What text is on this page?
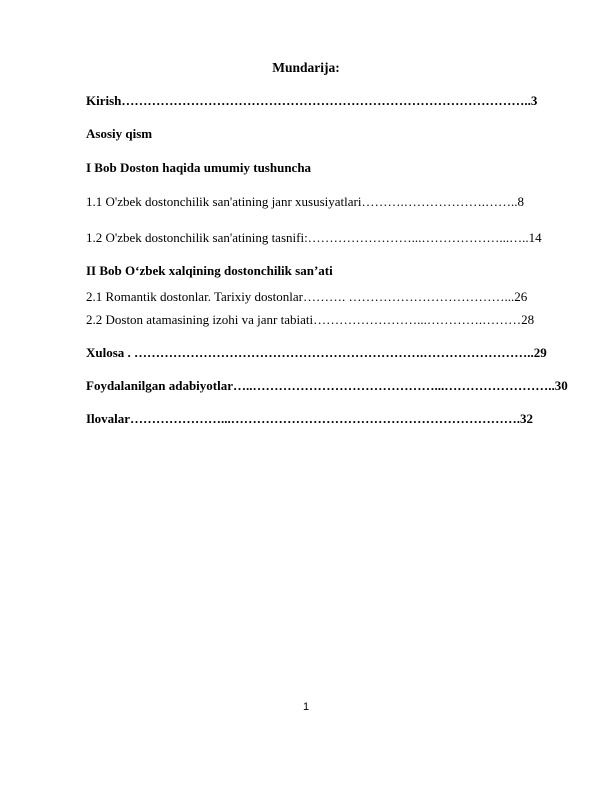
Mundarija:
Kirish…………………………………………………………………………………..3
Asosiy qism
I Bob Doston haqida umumiy tushuncha
1.1 O'zbek dostonchilik san'atining janr xususiyatlari……….……………….……..8
1.2 O'zbek dostonchilik san'atining tasnifi:……………………...………………...…..14
II Bob O‘zbek xalqining dostonchilik san’ati
2.1 Romantik dostonlar. Tarixiy dostonlar………. ………………………………...26
2.2 Doston atamasining izohi va janr tabiati……………………...………….………28
Xulosa . ………………………………………………………….……………………..29
Foydalanilgan adabiyotlar…..……………………………………...……………………..30
Ilovalar…………………...………………………………………………………….32
1
